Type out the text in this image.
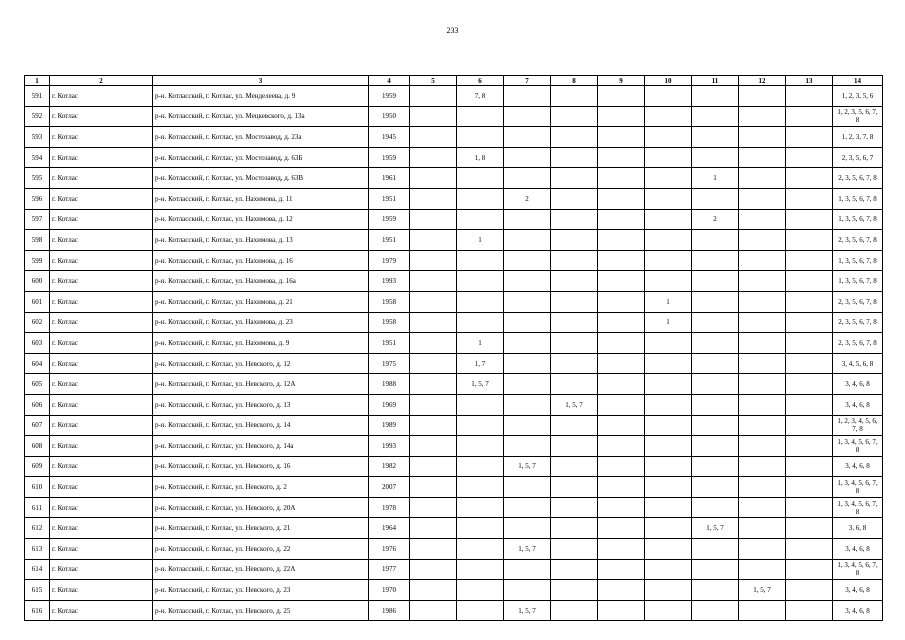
233
1	2	3	4	5	6	7	8	9	10	11	12	13	14
591	г. Котлас	р-н. Котласский, г. Котлас, ул. Менделеева, д. 9	1959		7, 8								1, 2, 3, 5, 6
592	г. Котлас	р-н. Котласский, г. Котлас, ул. Мецкевского, д. 13а	1950										1, 2, 3, 5, 6, 7, 8
593	г. Котлас	р-н. Котласский, г. Котлас, ул. Мостозавод, д. 23а	1945										1, 2, 3, 7, 8
594	г. Котлас	р-н. Котласский, г. Котлас, ул. Мостозавод, д. 63Б	1959		1, 8								2, 3, 5, 6, 7
595	г. Котлас	р-н. Котласский, г. Котлас, ул. Мостозавод, д. 63В	1961							1			2, 3, 5, 6, 7, 8
596	г. Котлас	р-н. Котласский, г. Котлас, ул. Нахимова, д. 11	1951			2							1, 3, 5, 6, 7, 8
597	г. Котлас	р-н. Котласский, г. Котлас, ул. Нахимова, д. 12	1959							2			1, 3, 5, 6, 7, 8
598	г. Котлас	р-н. Котласский, г. Котлас, ул. Нахимова, д. 13	1951		1								2, 3, 5, 6, 7, 8
599	г. Котлас	р-н. Котласский, г. Котлас, ул. Нахимова, д. 16	1979										1, 3, 5, 6, 7, 8
600	г. Котлас	р-н. Котласский, г. Котлас, ул. Нахимова, д. 16а	1993										1, 3, 5, 6, 7, 8
601	г. Котлас	р-н. Котласский, г. Котлас, ул. Нахимова, д. 21	1958						1				2, 3, 5, 6, 7, 8
602	г. Котлас	р-н. Котласский, г. Котлас, ул. Нахимова, д. 23	1958						1				2, 3, 5, 6, 7, 8
603	г. Котлас	р-н. Котласский, г. Котлас, ул. Нахимова, д. 9	1951		1								2, 3, 5, 6, 7, 8
604	г. Котлас	р-н. Котласский, г. Котлас, ул. Невского, д. 12	1975		1, 7								3, 4, 5, 6, 8
605	г. Котлас	р-н. Котласский, г. Котлас, ул. Невского, д. 12А	1988		1, 5, 7								3, 4, 6, 8
606	г. Котлас	р-н. Котласский, г. Котлас, ул. Невского, д. 13	1969				1, 5, 7						3, 4, 6, 8
607	г. Котлас	р-н. Котласский, г. Котлас, ул. Невского, д. 14	1989										1, 2, 3, 4, 5, 6, 7, 8
608	г. Котлас	р-н. Котласский, г. Котлас, ул. Невского, д. 14а	1993										1, 3, 4, 5, 6, 7, 8
609	г. Котлас	р-н. Котласский, г. Котлас, ул. Невского, д. 16	1982			1, 5, 7							3, 4, 6, 8
610	г. Котлас	р-н. Котласский, г. Котлас, ул. Невского, д. 2	2007										1, 3, 4, 5, 6, 7, 8
611	г. Котлас	р-н. Котласский, г. Котлас, ул. Невского, д. 20А	1978										1, 3, 4, 5, 6, 7, 8
612	г. Котлас	р-н. Котласский, г. Котлас, ул. Невского, д. 21	1964							1, 5, 7			3, 6, 8
613	г. Котлас	р-н. Котласский, г. Котлас, ул. Невского, д. 22	1976			1, 5, 7							3, 4, 6, 8
614	г. Котлас	р-н. Котласский, г. Котлас, ул. Невского, д. 22А	1977										1, 3, 4, 5, 6, 7, 8
615	г. Котлас	р-н. Котласский, г. Котлас, ул. Невского, д. 23	1970								1, 5, 7		3, 4, 6, 8
616	г. Котлас	р-н. Котласский, г. Котлас, ул. Невского, д. 25	1986			1, 5, 7							3, 4, 6, 8
